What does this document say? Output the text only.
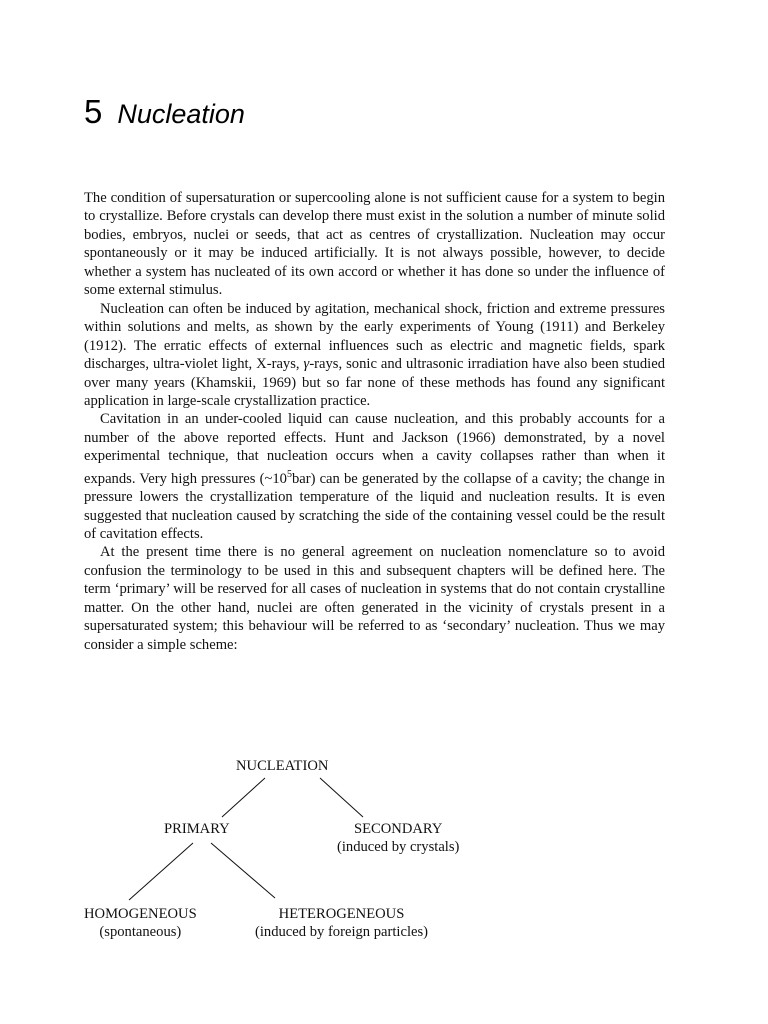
5 Nucleation

The condition of supersaturation or supercooling alone is not sufficient cause for a system to begin to crystallize. Before crystals can develop there must exist in the solution a number of minute solid bodies, embryos, nuclei or seeds, that act as centres of crystallization. Nucleation may occur spontaneously or it may be induced artificially. It is not always possible, however, to decide whether a system has nucleated of its own accord or whether it has done so under the influence of some external stimulus.

Nucleation can often be induced by agitation, mechanical shock, friction and extreme pressures within solutions and melts, as shown by the early experiments of Young (1911) and Berkeley (1912). The erratic effects of external influences such as electric and magnetic fields, spark discharges, ultra-violet light, X-rays, γ-rays, sonic and ultrasonic irradiation have also been studied over many years (Khamskii, 1969) but so far none of these methods has found any significant application in large-scale crystallization practice.

Cavitation in an under-cooled liquid can cause nucleation, and this probably accounts for a number of the above reported effects. Hunt and Jackson (1966) demonstrated, by a novel experimental technique, that nucleation occurs when a cavity collapses rather than when it expands. Very high pressures $(\sim 10^5bar)$ can be generated by the collapse of a cavity; the change in pressure lowers the crystallization temperature of the liquid and nucleation results. It is even suggested that nucleation caused by scratching the side of the containing vessel could be the result of cavitation effects.

At the present time there is no general agreement on nucleation nomenclature so to avoid confusion the terminology to be used in this and subsequent chapters will be defined here. The term ‘primary’ will be reserved for all cases of nucleation in systems that do not contain crystalline matter. On the other hand, nuclei are often generated in the vicinity of crystals present in a supersaturated system; this behaviour will be referred to as ‘secondary’ nucleation. Thus we may consider a simple scheme:

NUCLEATION
PRIMARY	SECONDARY
(induced by crystals)
HOMOGENEOUS
(spontaneous)
HETEROGENEOUS
(induced by foreign particles)
